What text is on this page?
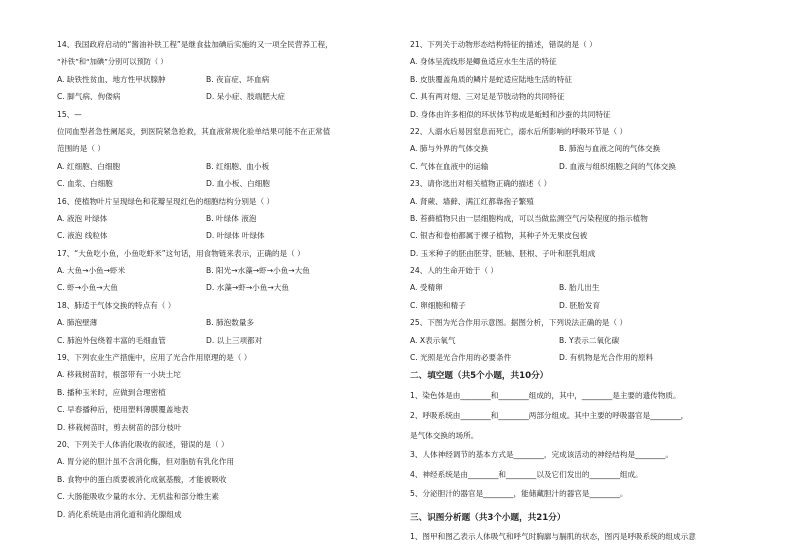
14、我国政府启动的“酱油补铁工程”是继食盐加碘后实施的又一项全民营养工程，
“补铁”和“加碘”分别可以预防（ ）
A. 缺铁性贫血、地方性甲状腺肿	B. 夜盲症、坏血病
C. 脚气病、佝偻病	D. 呆小症、肢端肥大症
15、—
位同血型者急性阑尾炎，到医院紧急抢救，其血液常规化验单结果可能不在正常值
范围的是（ ）
A. 红细胞、白细胞	B. 红细胞、血小板
C. 血浆、白细胞	D. 血小板、白细胞
16、使植物叶片呈现绿色和花瓣呈现红色的细胞结构分别是（ ）
A. 液泡 叶绿体	B. 叶绿体 液泡
C. 液泡 线粒体	D. 叶绿体 叶绿体
17、“大鱼吃小鱼，小鱼吃虾米”这句话，用食物链来表示，正确的是（ ）
A. 大鱼→小鱼→虾米	B. 阳光→水藻→虾→小鱼→大鱼
C. 虾→小鱼→大鱼	D. 水藻→虾→小鱼→大鱼
18、肺适于气体交换的特点有（ ）
A. 肺泡壁薄	B. 肺泡数量多
C. 肺泡外包绕着丰富的毛细血管	D. 以上三项都对
19、下列农业生产措施中，应用了光合作用原理的是（ ）
A. 移栽树苗时，根部带有一小块土坨
B. 播种玉米时，应做到合理密植
C. 早春播种后，使用塑料薄膜覆盖地表
D. 移栽树苗时，剪去树苗的部分枝叶
20、下列关于人体消化吸收的叙述，错误的是（ ）
A. 胃分泌的胆汁虽不含消化酶，但对脂肪有乳化作用
B. 食物中的蛋白质要被消化成氨基酸，才能被吸收
C. 大肠能吸收少量的水分、无机盐和部分维生素
D. 消化系统是由消化道和消化腺组成
21、下列关于动物形态结构特征的描述，错误的是（ ）
A. 身体呈流线形是鲫鱼适应水生生活的特征
B. 皮肤覆盖角质的鳞片是蛇适应陆地生活的特征
C. 具有两对翅、三对足是节肢动物的共同特征
D. 身体由许多相似的环状体节构成是蚯蚓和沙蚕的共同特征
22、人溺水后易因窒息而死亡，溺水后所影响的呼吸环节是（ ）
A. 肺与外界的气体交换	B. 肺泡与血液之间的气体交换
C. 气体在血液中的运输	D. 血液与组织细胞之间的气体交换
23、请你选出对相关植物正确的描述（ ）
A. 肾蕨、墙藓、满江红都靠孢子繁殖
B. 苔藓植物只由一层细胞构成，可以当做监测空气污染程度的指示植物
C. 银杏和卷柏都属于裸子植物，其种子外无果皮包被
D. 玉米种子的胚由胚芽、胚轴、胚根、子叶和胚乳组成
24、人的生命开始于（ ）
A. 受精卵	B. 胎儿出生
C. 卵细胞和精子	D. 胚胎发育
25、下图为光合作用示意图。据图分析，下列说法正确的是（ ）
A. X表示氧气	B. Y表示二氧化碳
C. 光照是光合作用的必要条件	D. 有机物是光合作用的原料
二、填空题（共5个小题，共10分）
1、染色体是由________和________组成的，其中，________是主要的遗传物质。
2、呼吸系统由________和________两部分组成。其中主要的呼吸器官是________，
是气体交换的场所。
3、人体神经调节的基本方式是________，完成该活动的神经结构是________。
4、神经系统是由________和________以及它们发出的________组成。
5、分泌胆汁的器官是________，能储藏胆汁的器官是________。
三、识图分析题（共3个小题，共21分）
1、图甲和图乙表示人体吸气和呼气时胸廓与膈肌的状态，图丙是呼吸系统的组成示意
